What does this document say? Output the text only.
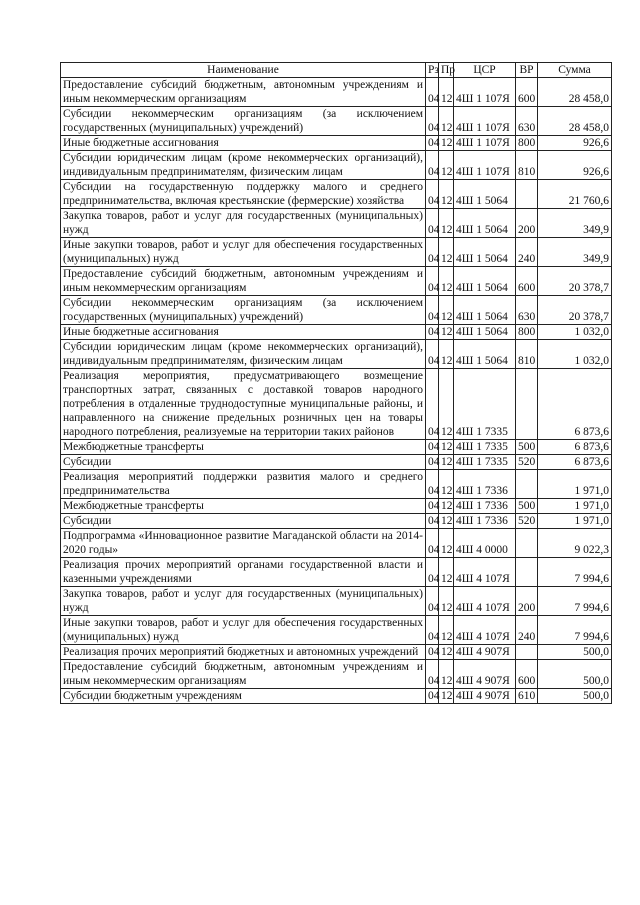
Наименование	Рз	Пр	ЦСР	ВР	Сумма
Предоставление субсидий бюджетным, автономным учреждениям и иным некоммерческим организациям	04	12	4Ш 1 107Я	600	28 458,0
Субсидии некоммерческим организациям (за исключением государственных (муниципальных) учреждений)	04	12	4Ш 1 107Я	630	28 458,0
Иные бюджетные ассигнования	04	12	4Ш 1 107Я	800	926,6
Субсидии юридическим лицам (кроме некоммерческих организаций), индивидуальным предпринимателям, физическим лицам	04	12	4Ш 1 107Я	810	926,6
Субсидии на государственную поддержку малого и среднего предпринимательства, включая крестьянские (фермерские) хозяйства	04	12	4Ш 1 5064		21 760,6
Закупка товаров, работ и услуг для государственных (муниципальных) нужд	04	12	4Ш 1 5064	200	349,9
Иные закупки товаров, работ и услуг для обеспечения государственных (муниципальных) нужд	04	12	4Ш 1 5064	240	349,9
Предоставление субсидий бюджетным, автономным учреждениям и иным некоммерческим организациям	04	12	4Ш 1 5064	600	20 378,7
Субсидии некоммерческим организациям (за исключением государственных (муниципальных) учреждений)	04	12	4Ш 1 5064	630	20 378,7
Иные бюджетные ассигнования	04	12	4Ш 1 5064	800	1 032,0
Субсидии юридическим лицам (кроме некоммерческих организаций), индивидуальным предпринимателям, физическим лицам	04	12	4Ш 1 5064	810	1 032,0
Реализация мероприятия, предусматривающего возмещение транспортных затрат, связанных с доставкой товаров народного потребления в отдаленные труднодоступные муниципальные районы, и направленного на снижение предельных розничных цен на товары народного потребления, реализуемые на территории таких районов	04	12	4Ш 1 7335		6 873,6
Межбюджетные трансферты	04	12	4Ш 1 7335	500	6 873,6
Субсидии	04	12	4Ш 1 7335	520	6 873,6
Реализация мероприятий поддержки развития малого и среднего предпринимательства	04	12	4Ш 1 7336		1 971,0
Межбюджетные трансферты	04	12	4Ш 1 7336	500	1 971,0
Субсидии	04	12	4Ш 1 7336	520	1 971,0
Подпрограмма «Инновационное развитие Магаданской области на 2014-2020 годы»	04	12	4Ш 4 0000		9 022,3
Реализация прочих мероприятий органами государственной власти и казенными учреждениями	04	12	4Ш 4 107Я		7 994,6
Закупка товаров, работ и услуг для государственных (муниципальных) нужд	04	12	4Ш 4 107Я	200	7 994,6
Иные закупки товаров, работ и услуг для обеспечения государственных (муниципальных) нужд	04	12	4Ш 4 107Я	240	7 994,6
Реализация прочих мероприятий бюджетных и автономных учреждений	04	12	4Ш 4 907Я		500,0
Предоставление субсидий бюджетным, автономным учреждениям и иным некоммерческим организациям	04	12	4Ш 4 907Я	600	500,0
Субсидии бюджетным учреждениям	04	12	4Ш 4 907Я	610	500,0
